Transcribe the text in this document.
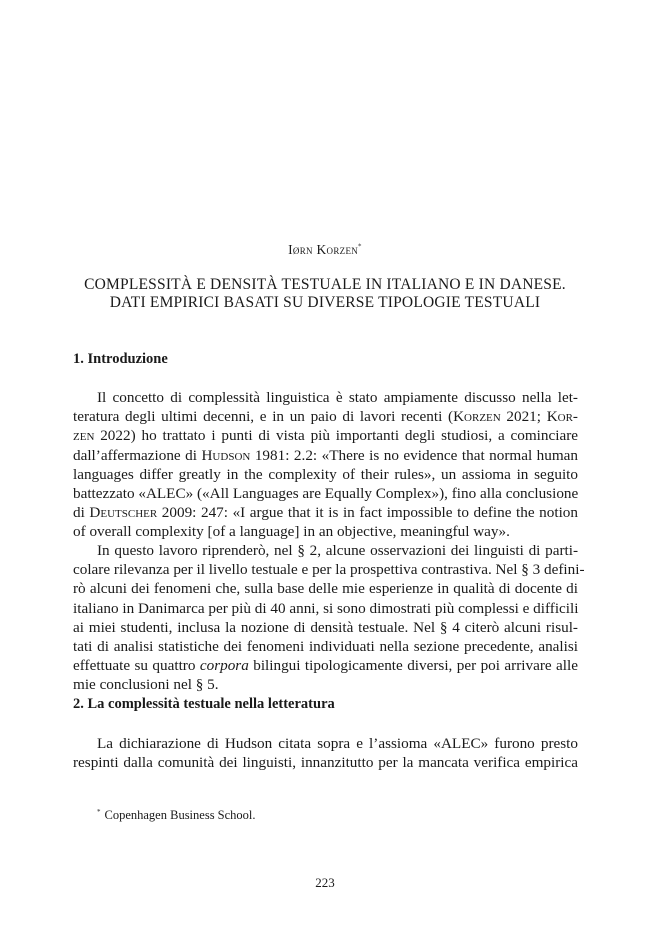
Iørn Korzen*
COMPLESSITÀ E DENSITÀ TESTUALE IN ITALIANO E IN DANESE.
DATI EMPIRICI BASATI SU DIVERSE TIPOLOGIE TESTUALI
1. Introduzione
Il concetto di complessità linguistica è stato ampiamente discusso nella let-
teratura degli ultimi decenni, e in un paio di lavori recenti (Korzen 2021; Kor-
zen 2022) ho trattato i punti di vista più importanti degli studiosi, a cominciare
dall’affermazione di Hudson 1981: 2.2: «There is no evidence that normal human
languages differ greatly in the complexity of their rules», un assioma in seguito
battezzato «ALEC» («All Languages are Equally Complex»), fino alla conclusione
di Deutscher 2009: 247: «I argue that it is in fact impossible to define the notion
of overall complexity [of a language] in an objective, meaningful way».
In questo lavoro riprenderò, nel § 2, alcune osservazioni dei linguisti di parti-
colare rilevanza per il livello testuale e per la prospettiva contrastiva. Nel § 3 defini-
rò alcuni dei fenomeni che, sulla base delle mie esperienze in qualità di docente di
italiano in Danimarca per più di 40 anni, si sono dimostrati più complessi e difficili
ai miei studenti, inclusa la nozione di densità testuale. Nel § 4 citerò alcuni risul-
tati di analisi statistiche dei fenomeni individuati nella sezione precedente, analisi
effettuate su quattro corpora bilingui tipologicamente diversi, per poi arrivare alle
mie conclusioni nel § 5.
2. La complessità testuale nella letteratura
La dichiarazione di Hudson citata sopra e l’assioma «ALEC» furono presto
respinti dalla comunità dei linguisti, innanzitutto per la mancata verifica empirica
* Copenhagen Business School.
223
